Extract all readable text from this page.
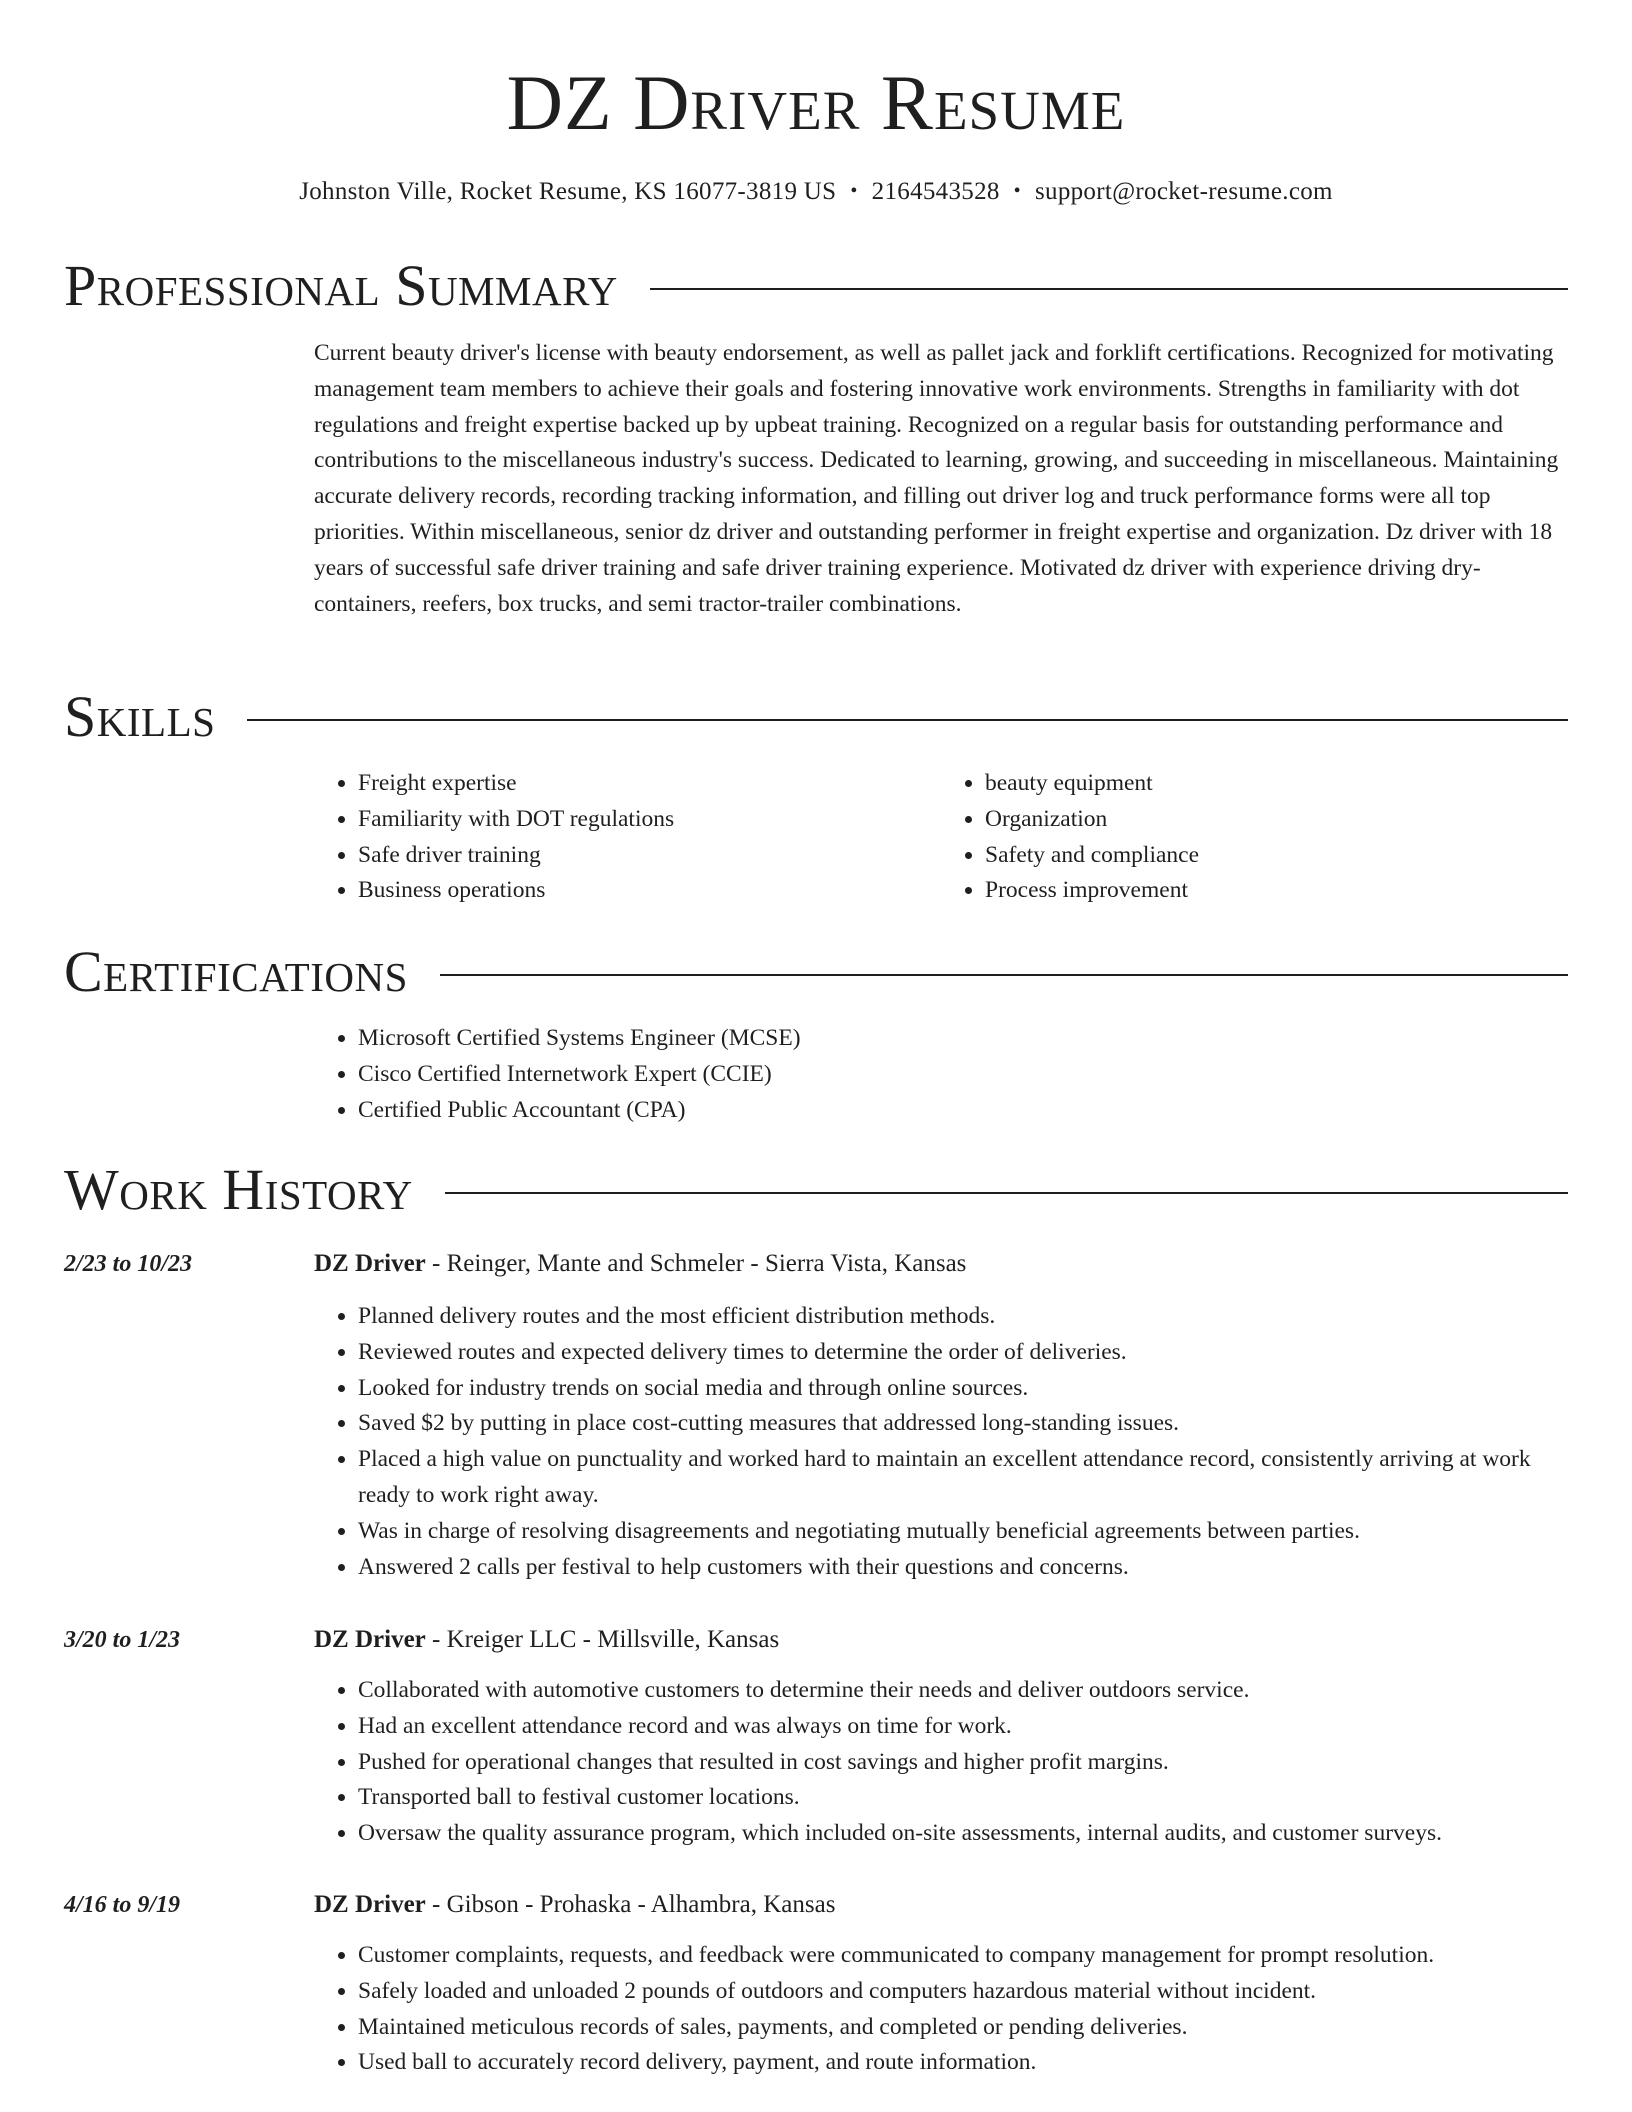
DZ Driver Resume
Johnston Ville, Rocket Resume, KS 16077-3819 US • 2164543528 • support@rocket-resume.com
Professional Summary
Current beauty driver's license with beauty endorsement, as well as pallet jack and forklift certifications. Recognized for motivating management team members to achieve their goals and fostering innovative work environments. Strengths in familiarity with dot regulations and freight expertise backed up by upbeat training. Recognized on a regular basis for outstanding performance and contributions to the miscellaneous industry's success. Dedicated to learning, growing, and succeeding in miscellaneous. Maintaining accurate delivery records, recording tracking information, and filling out driver log and truck performance forms were all top priorities. Within miscellaneous, senior dz driver and outstanding performer in freight expertise and organization. Dz driver with 18 years of successful safe driver training and safe driver training experience. Motivated dz driver with experience driving dry-containers, reefers, box trucks, and semi tractor-trailer combinations.
Skills
• Freight expertise
• Familiarity with DOT regulations
• Safe driver training
• Business operations
• beauty equipment
• Organization
• Safety and compliance
• Process improvement
Certifications
• Microsoft Certified Systems Engineer (MCSE)
• Cisco Certified Internetwork Expert (CCIE)
• Certified Public Accountant (CPA)
Work History
2/23 to 10/23	DZ Driver - Reinger, Mante and Schmeler - Sierra Vista, Kansas
• Planned delivery routes and the most efficient distribution methods.
• Reviewed routes and expected delivery times to determine the order of deliveries.
• Looked for industry trends on social media and through online sources.
• Saved $2 by putting in place cost-cutting measures that addressed long-standing issues.
• Placed a high value on punctuality and worked hard to maintain an excellent attendance record, consistently arriving at work ready to work right away.
• Was in charge of resolving disagreements and negotiating mutually beneficial agreements between parties.
• Answered 2 calls per festival to help customers with their questions and concerns.
3/20 to 1/23	DZ Driver - Kreiger LLC - Millsville, Kansas
• Collaborated with automotive customers to determine their needs and deliver outdoors service.
• Had an excellent attendance record and was always on time for work.
• Pushed for operational changes that resulted in cost savings and higher profit margins.
• Transported ball to festival customer locations.
• Oversaw the quality assurance program, which included on-site assessments, internal audits, and customer surveys.
4/16 to 9/19	DZ Driver - Gibson - Prohaska - Alhambra, Kansas
• Customer complaints, requests, and feedback were communicated to company management for prompt resolution.
• Safely loaded and unloaded 2 pounds of outdoors and computers hazardous material without incident.
• Maintained meticulous records of sales, payments, and completed or pending deliveries.
• Used ball to accurately record delivery, payment, and route information.
